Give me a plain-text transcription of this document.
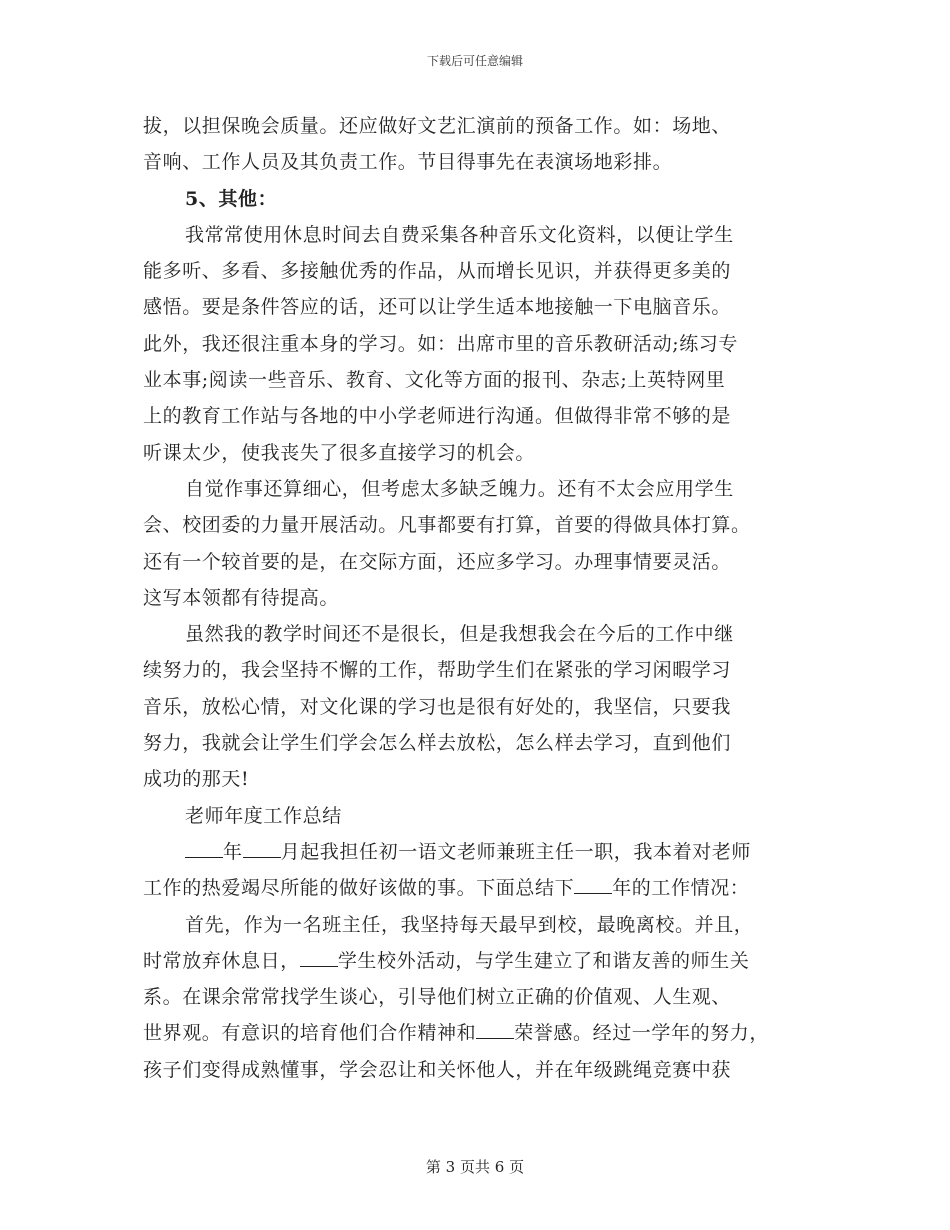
下载后可任意编辑
拔，以担保晚会质量。还应做好文艺汇演前的预备工作。如：场地、
音响、工作人员及其负责工作。节目得事先在表演场地彩排。
5、其他：
我常常使用休息时间去自费采集各种音乐文化资料，以便让学生
能多听、多看、多接触优秀的作品，从而增长见识，并获得更多美的
感悟。要是条件答应的话，还可以让学生适本地接触一下电脑音乐。
此外，我还很注重本身的学习。如：出席市里的音乐教研活动;练习专
业本事;阅读一些音乐、教育、文化等方面的报刊、杂志;上英特网里
上的教育工作站与各地的中小学老师进行沟通。但做得非常不够的是
听课太少，使我丧失了很多直接学习的机会。
自觉作事还算细心，但考虑太多缺乏魄力。还有不太会应用学生
会、校团委的力量开展活动。凡事都要有打算，首要的得做具体打算。
还有一个较首要的是，在交际方面，还应多学习。办理事情要灵活。
这写本领都有待提高。
虽然我的教学时间还不是很长，但是我想我会在今后的工作中继
续努力的，我会坚持不懈的工作，帮助学生们在紧张的学习闲暇学习
音乐，放松心情，对文化课的学习也是很有好处的，我坚信，只要我
努力，我就会让学生们学会怎么样去放松，怎么样去学习，直到他们
成功的那天!
老师年度工作总结
年 月起我担任初一语文老师兼班主任一职，我本着对老师
工作的热爱竭尽所能的做好该做的事。下面总结下 年的工作情况：
首先，作为一名班主任，我坚持每天最早到校，最晚离校。并且，
时常放弃休息日， 学生校外活动，与学生建立了和谐友善的师生关
系。在课余常常找学生谈心，引导他们树立正确的价值观、人生观、
世界观。有意识的培育他们合作精神和 荣誉感。经过一学年的努力，
孩子们变得成熟懂事，学会忍让和关怀他人，并在年级跳绳竞赛中获
第 3 页共 6 页
